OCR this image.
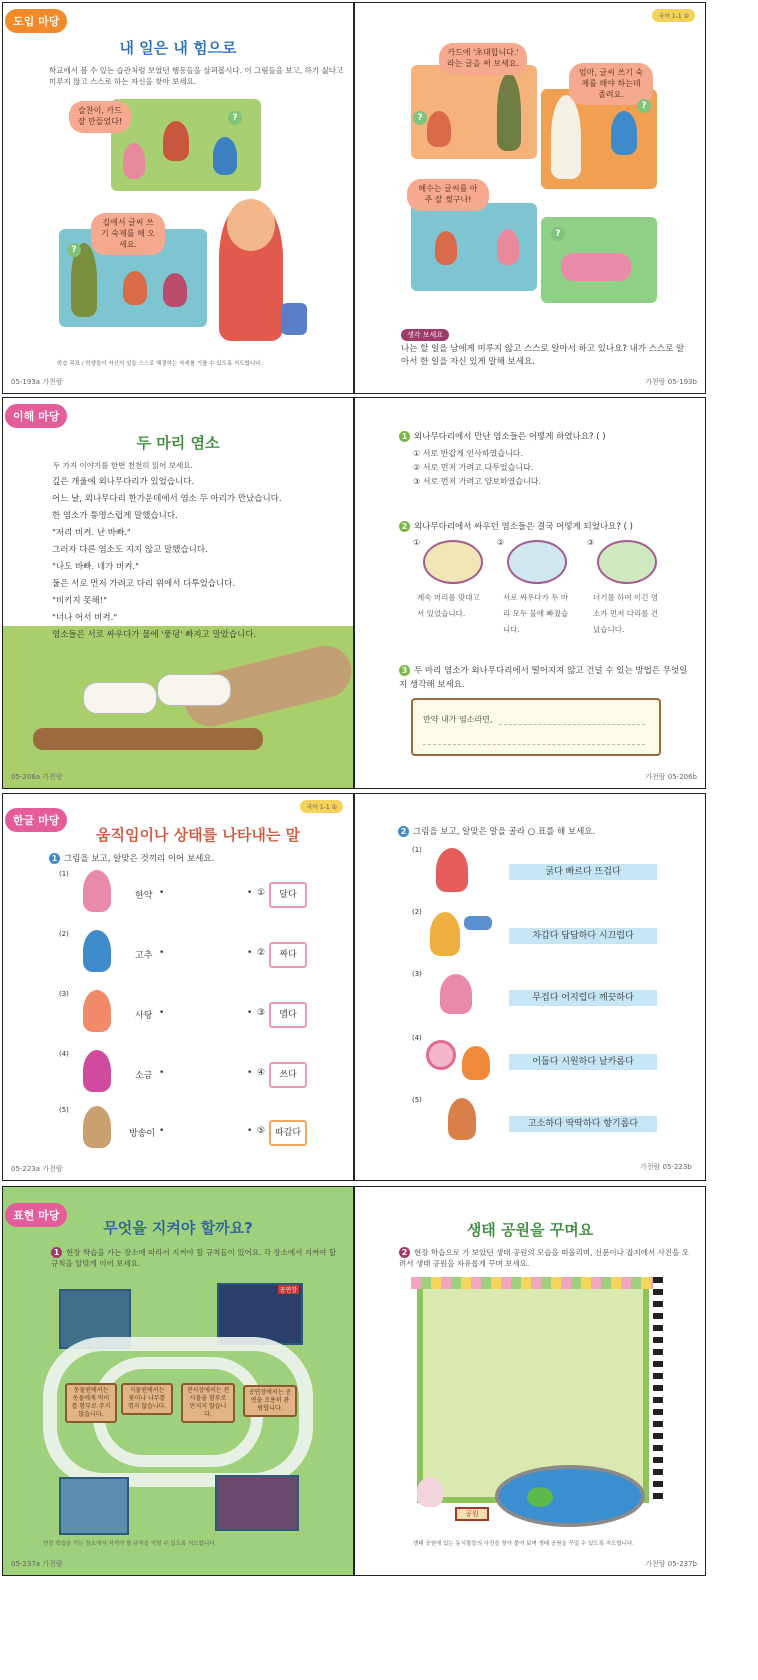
도입 마당
내 일은 내 힘으로
학교에서 볼 수 있는 습관처럼 보였던 행동들을 살펴봅시다. 이 그림들을 보고, 하기 싫다고 미루지 않고 스스로 하는 자신을 찾아 보세요.
슬찬이, 카드 잘 만들었다!	?
집에서 글씨 쓰기 숙제를 해 오세요.
?
학습 목표 / 학생들이 자신의 일을 스스로 해결하는 자세를 기를 수 있도록 지도합니다.
05-193a 가천람
국어 1-1 ①
카드에 '초대합니다.' 라는 글을 써 보세요.
엄마, 글씨 쓰기 숙제를 해야 하는데 졸려요.
혜수는 글씨를 아주 잘 썼구나!
?
?
?
생각 보세요
나는 할 일을 남에게 미루지 않고 스스로 알아서 하고 있나요? 내가 스스로 알아서 한 일을 자신 있게 말해 보세요.
가천람 05-193b
이해 마당
두 마리 염소
두 가지 이야기를 한번 천천히 읽어 보세요.
05-206a 가천람
깊은 개울에 외나무다리가 있었습니다.
어느 날, 외나무다리 한가운데에서 염소 두 마리가 만났습니다.
한 염소가 퉁명스럽게 말했습니다.
"저리 비켜. 난 바빠."
그러자 다른 염소도 지지 않고 말했습니다.
"나도 바빠. 네가 비켜."
둘은 서로 먼저 가려고 다리 위에서 다투었습니다.
"비키지 못해!"
"너나 어서 비켜."
염소들은 서로 싸우다가 물에 '풍덩' 빠지고 말았습니다.
1 외나무다리에서 만난 염소들은 어떻게 하였나요? ( )
① 서로 반갑게 인사하였습니다.
② 서로 먼저 가려고 다투었습니다.
③ 서로 먼저 가려고 양보하였습니다.
2 외나무다리에서 싸우던 염소들은 결국 어떻게 되었나요? ( )
①
계속 머리를 맞대고 서 있었습니다.
②
서로 싸우다가 두 마리 모두 물에 빠졌습니다.
③
너기를 하여 이긴 염소가 먼저 다리를 건넜습니다.
3 두 마리 염소가 외나무다리에서 떨어지지 않고 건널 수 있는 방법은 무엇일지 생각해 보세요.
만약 내가 염소라면,
가천람 05-206b
한글 마당
국어 1-1 ①
움직임이나 상태를 나타내는 말
1 그림을 보고, 알맞은 것끼리 이어 보세요.
(1)
한약 •	• ①	달다
(2)
고추 •	• ②	짜다
(3)
사탕 •	• ③	맵다
(4)
소금 •	• ④	쓰다
(5)
방송이 •	• ⑤	따갑다
05-223a 가천람
2 그림을 보고, 알맞은 말을 골라 ○ 표를 해 보세요.
(1)
굵다 빠르다 뜨겁다
(2)
차갑다 답답하다 시끄럽다
(3)
무겁다 어지럽다 깨끗하다
(4)
어둡다 시원하다 날카롭다
(5)
고소하다 딱딱하다 향기롭다
가천람 05-223b
표현 마당
무엇을 지켜야 할까요?
1 현장 학습을 가는 장소에 따라서 지켜야 할 규칙들이 있어요. 각 장소에서 지켜야 할 규칙을 알맞게 이어 보세요.
공연장
동물원에서는 동물에게 먹이를 함부로 주지 않습니다.
식물원에서는 꽃이나 나무를 꺾지 않습니다.
전시장에서는 전시물을 함부로 만지지 않습니다.
공연장에서는 공연을 조용히 관람합니다.
현장 학습을 가는 장소에서 지켜야 할 규칙을 익힐 수 있도록 지도합니다.
05-237a 가천람
생태 공원을 꾸며요
2 현장 학습으로 가 보았던 생태 공원의 모습을 떠올리며, 신문이나 잡지에서 사진을 오려서 생태 공원을 자유롭게 꾸며 보세요.
공원
생태 공원에 있는 동식물들의 사진을 찾아 붙여 보며 생태 공원을 꾸밀 수 있도록 지도합니다.
가천람 05-237b
